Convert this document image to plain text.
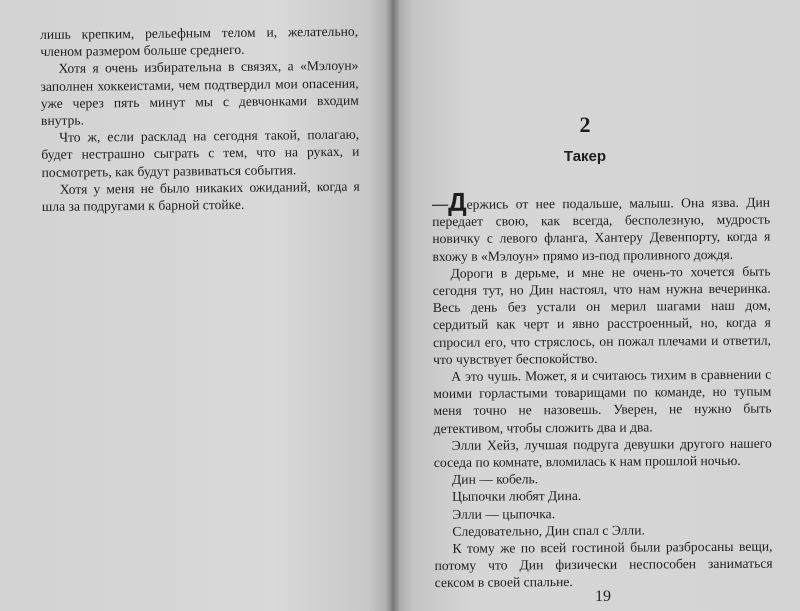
лишь крепким, рельефным телом и, желательно, членом размером больше среднего.

Хотя я очень избирательна в связях, а «Мэлоун» заполнен хоккеистами, чем подтвердил мои опасения, уже через пять минут мы с девчонками входим внутрь.

Что ж, если расклад на сегодня такой, полагаю, будет нестрашно сыграть с тем, что на руках, и посмотреть, как будут развиваться события.

Хотя у меня не было никаких ожиданий, когда я шла за подругами к барной стойке.

2
Такер

—Держись от нее подальше, малыш. Она язва. Дин передает свою, как всегда, бесполезную, мудрость новичку с левого фланга, Хантеру Девенпорту, когда я вхожу в «Мэлоун» прямо из-под проливного дождя.

Дороги в дерьме, и мне не очень-то хочется быть сегодня тут, но Дин настоял, что нам нужна вечеринка. Весь день без устали он мерил шагами наш дом, сердитый как черт и явно расстроенный, но, когда я спросил его, что стряслось, он пожал плечами и ответил, что чувствует беспокойство.

А это чушь. Может, я и считаюсь тихим в сравнении с моими горластыми товарищами по команде, но тупым меня точно не назовешь. Уверен, не нужно быть детективом, чтобы сложить два и два.

Элли Хейз, лучшая подруга девушки другого нашего соседа по комнате, вломилась к нам прошлой ночью.

Дин — кобель.

Цыпочки любят Дина.

Элли — цыпочка.

Следовательно, Дин спал с Элли.

К тому же по всей гостиной были разбросаны вещи, потому что Дин физически неспособен заниматься сексом в своей спальне.

19
